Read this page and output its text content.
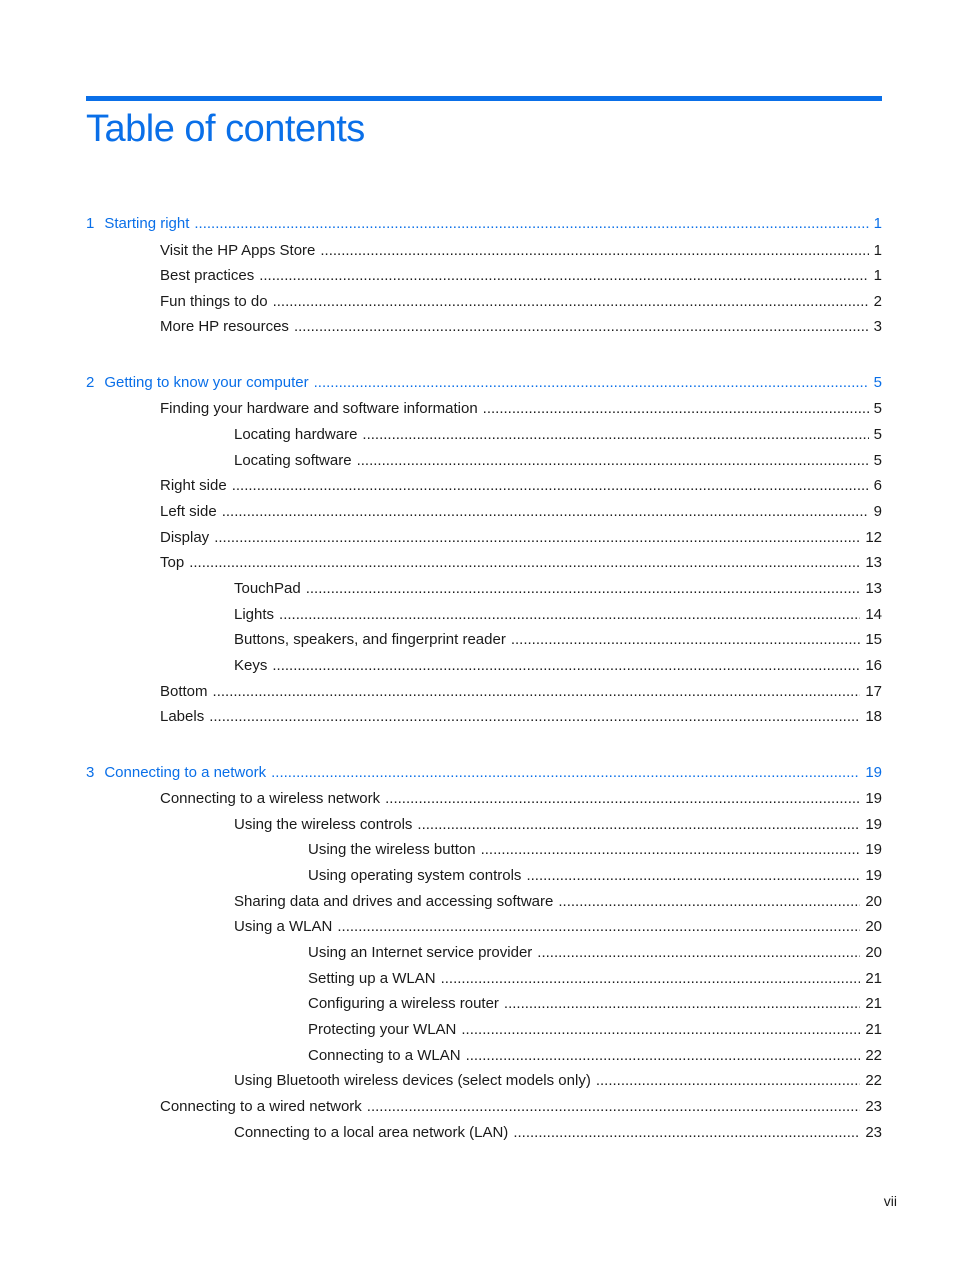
Table of contents
1 Starting right .....	1
Visit the HP Apps Store .....	1
Best practices .....	1
Fun things to do .....	2
More HP resources .....	3
2 Getting to know your computer .....	5
Finding your hardware and software information .....	5
Locating hardware .....	5
Locating software .....	5
Right side .....	6
Left side .....	9
Display .....	12
Top .....	13
TouchPad .....	13
Lights .....	14
Buttons, speakers, and fingerprint reader .....	15
Keys .....	16
Bottom .....	17
Labels .....	18
3 Connecting to a network .....	19
Connecting to a wireless network .....	19
Using the wireless controls .....	19
Using the wireless button .....	19
Using operating system controls .....	19
Sharing data and drives and accessing software .....	20
Using a WLAN .....	20
Using an Internet service provider .....	20
Setting up a WLAN .....	21
Configuring a wireless router .....	21
Protecting your WLAN .....	21
Connecting to a WLAN .....	22
Using Bluetooth wireless devices (select models only) .....	22
Connecting to a wired network .....	23
Connecting to a local area network (LAN) .....	23
vii
